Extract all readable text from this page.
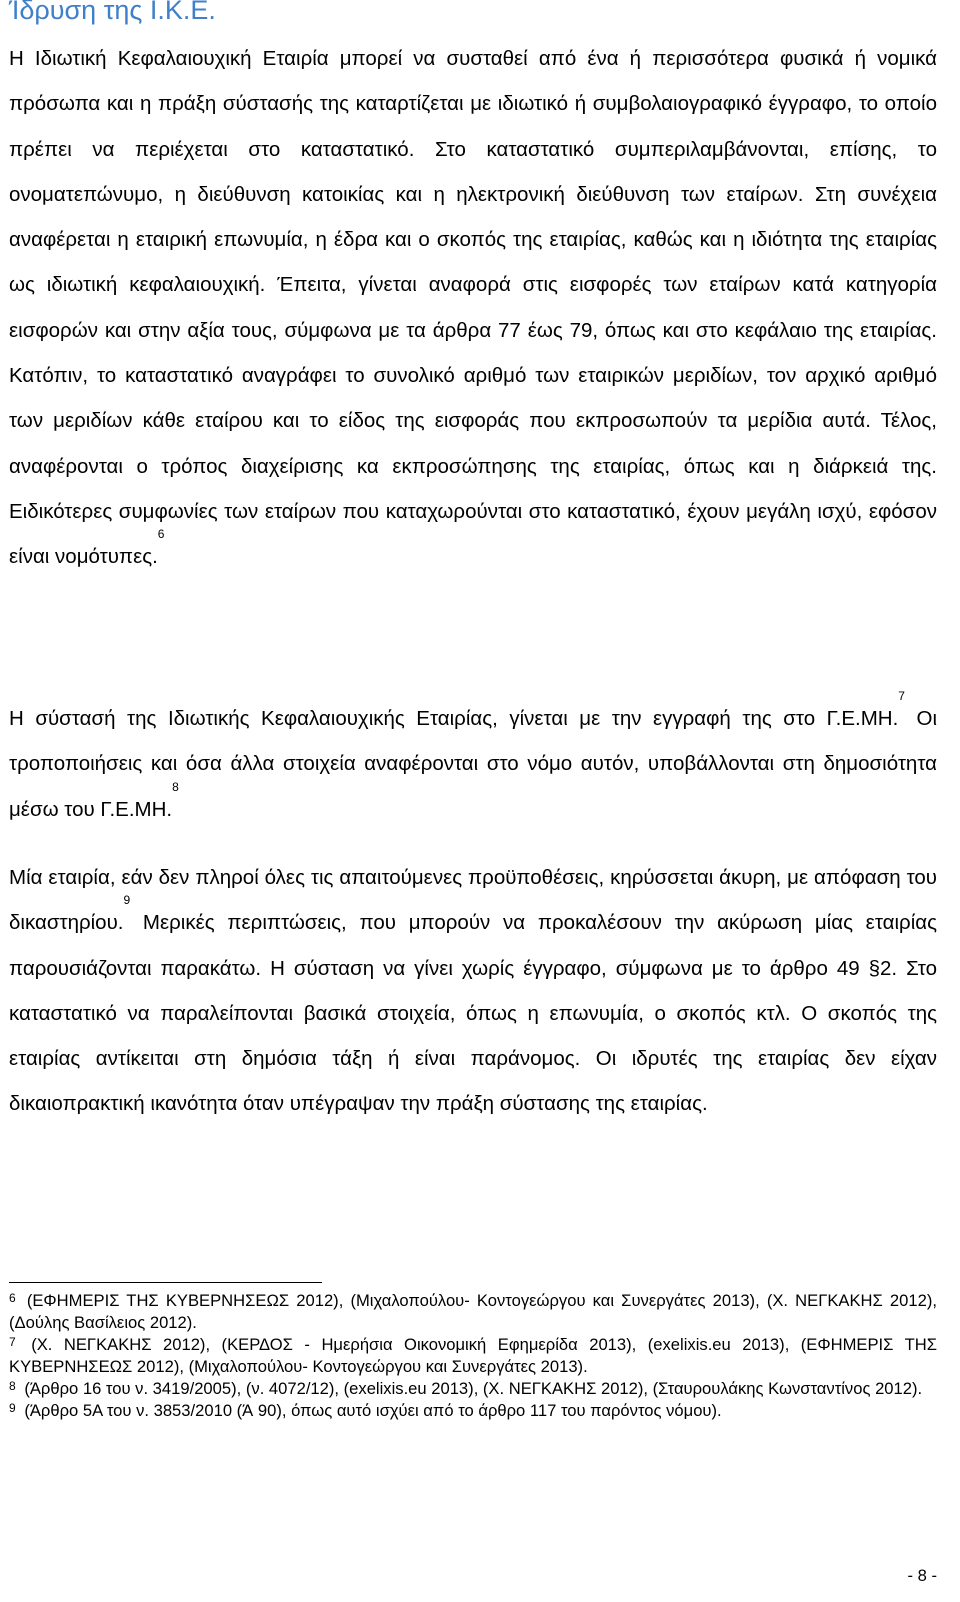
Ίδρυση της Ι.Κ.Ε.

Η Ιδιωτική Κεφαλαιουχική Εταιρία μπορεί να συσταθεί από ένα ή περισσότερα φυσικά ή νομικά πρόσωπα και η πράξη σύστασής της καταρτίζεται με ιδιωτικό ή συμβολαιογραφικό έγγραφο, το οποίο πρέπει να περιέχεται στο καταστατικό. Στο καταστατικό συμπεριλαμβάνονται, επίσης, το ονοματεπώνυμο, η διεύθυνση κατοικίας και η ηλεκτρονική διεύθυνση των εταίρων. Στη συνέχεια αναφέρεται η εταιρική επωνυμία, η έδρα και ο σκοπός της εταιρίας, καθώς και η ιδιότητα της εταιρίας ως ιδιωτική κεφαλαιουχική. Έπειτα, γίνεται αναφορά στις εισφορές των εταίρων κατά κατηγορία εισφορών και στην αξία τους, σύμφωνα με τα άρθρα 77 έως 79, όπως και στο κεφάλαιο της εταιρίας. Κατόπιν, το καταστατικό αναγράφει το συνολικό αριθμό των εταιρικών μεριδίων, τον αρχικό αριθμό των μεριδίων κάθε εταίρου και το είδος της εισφοράς που εκπροσωπούν τα μερίδια αυτά. Τέλος, αναφέρονται ο τρόπος διαχείρισης κα εκπροσώπησης της εταιρίας, όπως και η διάρκειά της. Ειδικότερες συμφωνίες των εταίρων που καταχωρούνται στο καταστατικό, έχουν μεγάλη ισχύ, εφόσον είναι νομότυπες.$^6$

Η σύστασή της Ιδιωτικής Κεφαλαιουχικής Εταιρίας, γίνεται με την εγγραφή της στο Γ.Ε.ΜΗ.$^7$ Οι τροποποιήσεις και όσα άλλα στοιχεία αναφέρονται στο νόμο αυτόν, υποβάλλονται στη δημοσιότητα μέσω του Γ.Ε.ΜΗ.$^8$

Μία εταιρία, εάν δεν πληροί όλες τις απαιτούμενες προϋποθέσεις, κηρύσσεται άκυρη, με απόφαση του δικαστηρίου.$^9$ Μερικές περιπτώσεις, που μπορούν να προκαλέσουν την ακύρωση μίας εταιρίας παρουσιάζονται παρακάτω. Η σύσταση να γίνει χωρίς έγγραφο, σύμφωνα με το άρθρο 49 §2. Στο καταστατικό να παραλείπονται βασικά στοιχεία, όπως η επωνυμία, ο σκοπός κτλ. Ο σκοπός της εταιρίας αντίκειται στη δημόσια τάξη ή είναι παράνομος. Οι ιδρυτές της εταιρίας δεν είχαν δικαιοπρακτική ικανότητα όταν υπέγραψαν την πράξη σύστασης της εταιρίας.

$^6$ (ΕΦΗΜΕΡΙΣ ΤΗΣ ΚΥΒΕΡΝΗΣΕΩΣ 2012), (Μιχαλοπούλου- Κοντογεώργου και Συνεργάτες 2013), (Χ. ΝΕΓΚΑΚΗΣ 2012), (Δούλης Βασίλειος 2012).

$^7$ (Χ. ΝΕΓΚΑΚΗΣ 2012), (ΚΕΡΔΟΣ - Ημερήσια Οικονομική Εφημερίδα 2013), (exelixis.eu 2013), (ΕΦΗΜΕΡΙΣ ΤΗΣ ΚΥΒΕΡΝΗΣΕΩΣ 2012), (Μιχαλοπούλου- Κοντογεώργου και Συνεργάτες 2013).

$^8$ (Άρθρο 16 του ν. 3419/2005), (ν. 4072/12), (exelixis.eu 2013), (Χ. ΝΕΓΚΑΚΗΣ 2012), (Σταυρουλάκης Κωνσταντίνος 2012).

$^9$ (Άρθρο 5Α του ν. 3853/2010 (Ά 90), όπως αυτό ισχύει από το άρθρο 117 του παρόντος νόμου).

- 8 -
